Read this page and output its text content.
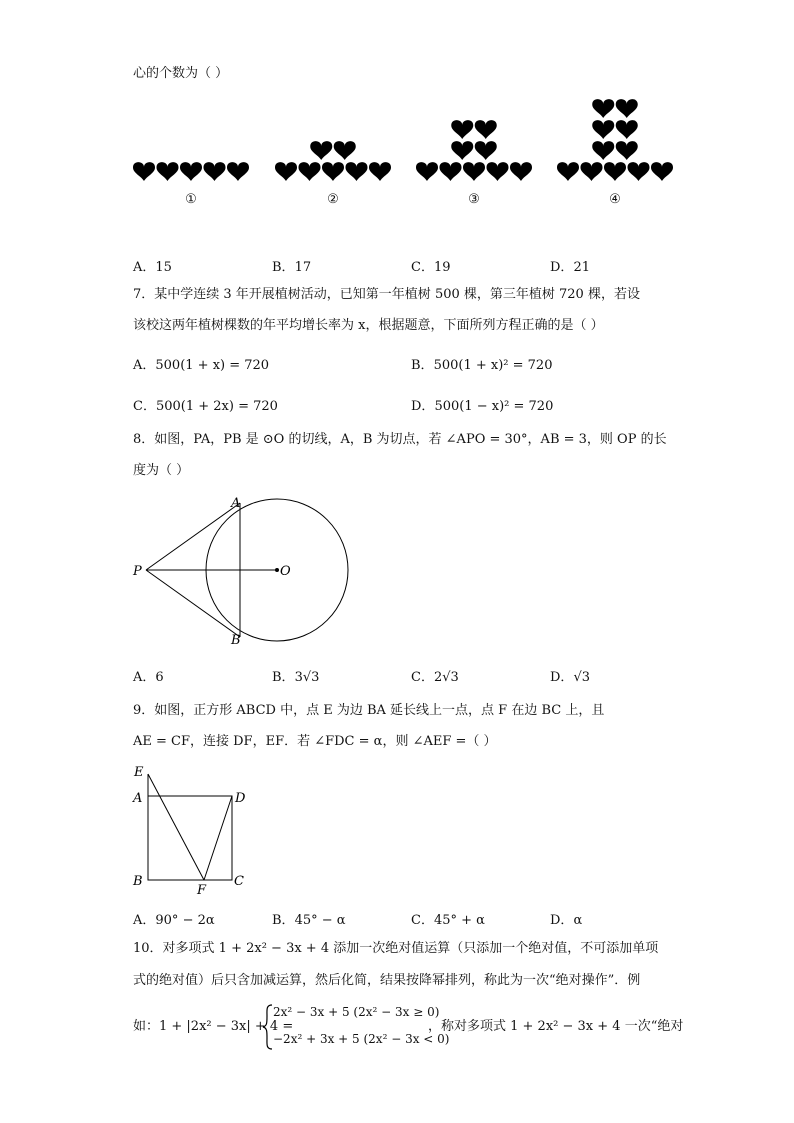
心的个数为（ ）
①	②	③	④
A．15	B．17	C．19	D．21
7．某中学连续 3 年开展植树活动，已知第一年植树 500 棵，第三年植树 720 棵，若设
该校这两年植树棵数的年平均增长率为 x，根据题意，下面所列方程正确的是（ ）
A．500(1 + x) = 720	B．500(1 + x)² = 720
C．500(1 + 2x) = 720	D．500(1 − x)² = 720
8．如图，PA，PB 是 ⊙O 的切线，A，B 为切点，若 ∠APO = 30°，AB = 3，则 OP 的长
度为（ ）
P	O
A
B
A．6	B．3√3	C．2√3	D．√3
9．如图，正方形 ABCD 中，点 E 为边 BA 延长线上一点，点 F 在边 BC 上，且
AE = CF，连接 DF，EF．若 ∠FDC = α，则 ∠AEF =（ ）
E
A	D
B
F
C
A．90° − 2α	B．45° − α	C．45° + α	D．α
10．对多项式 1 + 2x² − 3x + 4 添加一次绝对值运算（只添加一个绝对值，不可添加单项
式的绝对值）后只含加减运算，然后化简，结果按降幂排列，称此为一次“绝对操作”．例
如：1 + |2x² − 3x| + 4 =
2x² − 3x + 5 (2x² − 3x ≥ 0)
−2x² + 3x + 5 (2x² − 3x < 0)
，称对多项式 1 + 2x² − 3x + 4 一次“绝对
